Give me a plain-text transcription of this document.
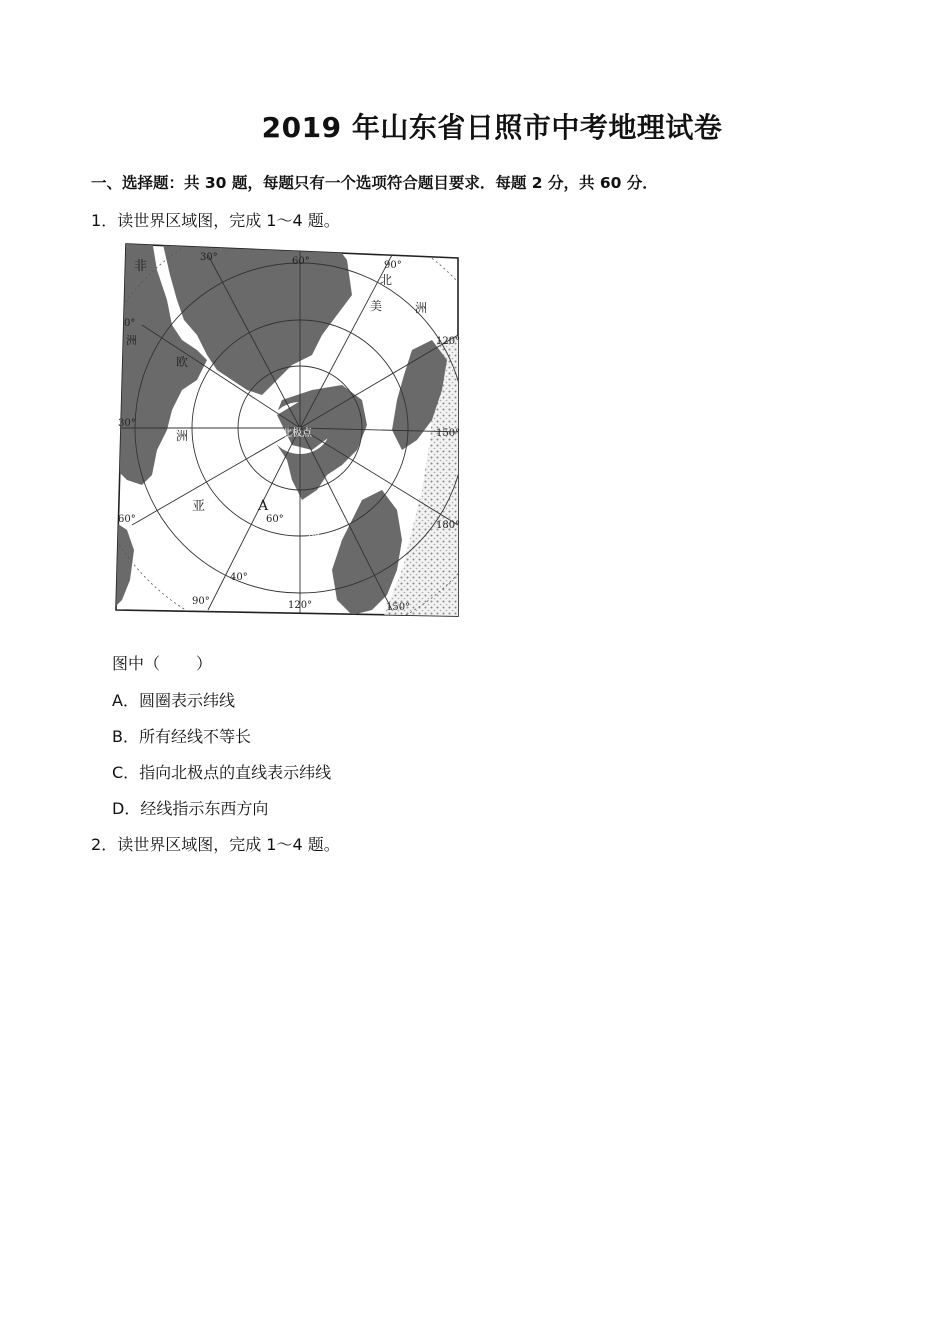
2019 年山东省日照市中考地理试卷
一、选择题：共 30 题，每题只有一个选项符合题目要求．每题 2 分，共 60 分．
1．读世界区域图，完成 1～4 题。
非
洲
欧
洲
亚
洲
北
美	洲
北极点
A
30°	60°	90°
0°
120°
30°
150°
60°
180°
60°
40°
90°	120°	150°
图中（ ）
A．圆圈表示纬线
B．所有经线不等长
C．指向北极点的直线表示纬线
D．经线指示东西方向
2．读世界区域图，完成 1～4 题。
